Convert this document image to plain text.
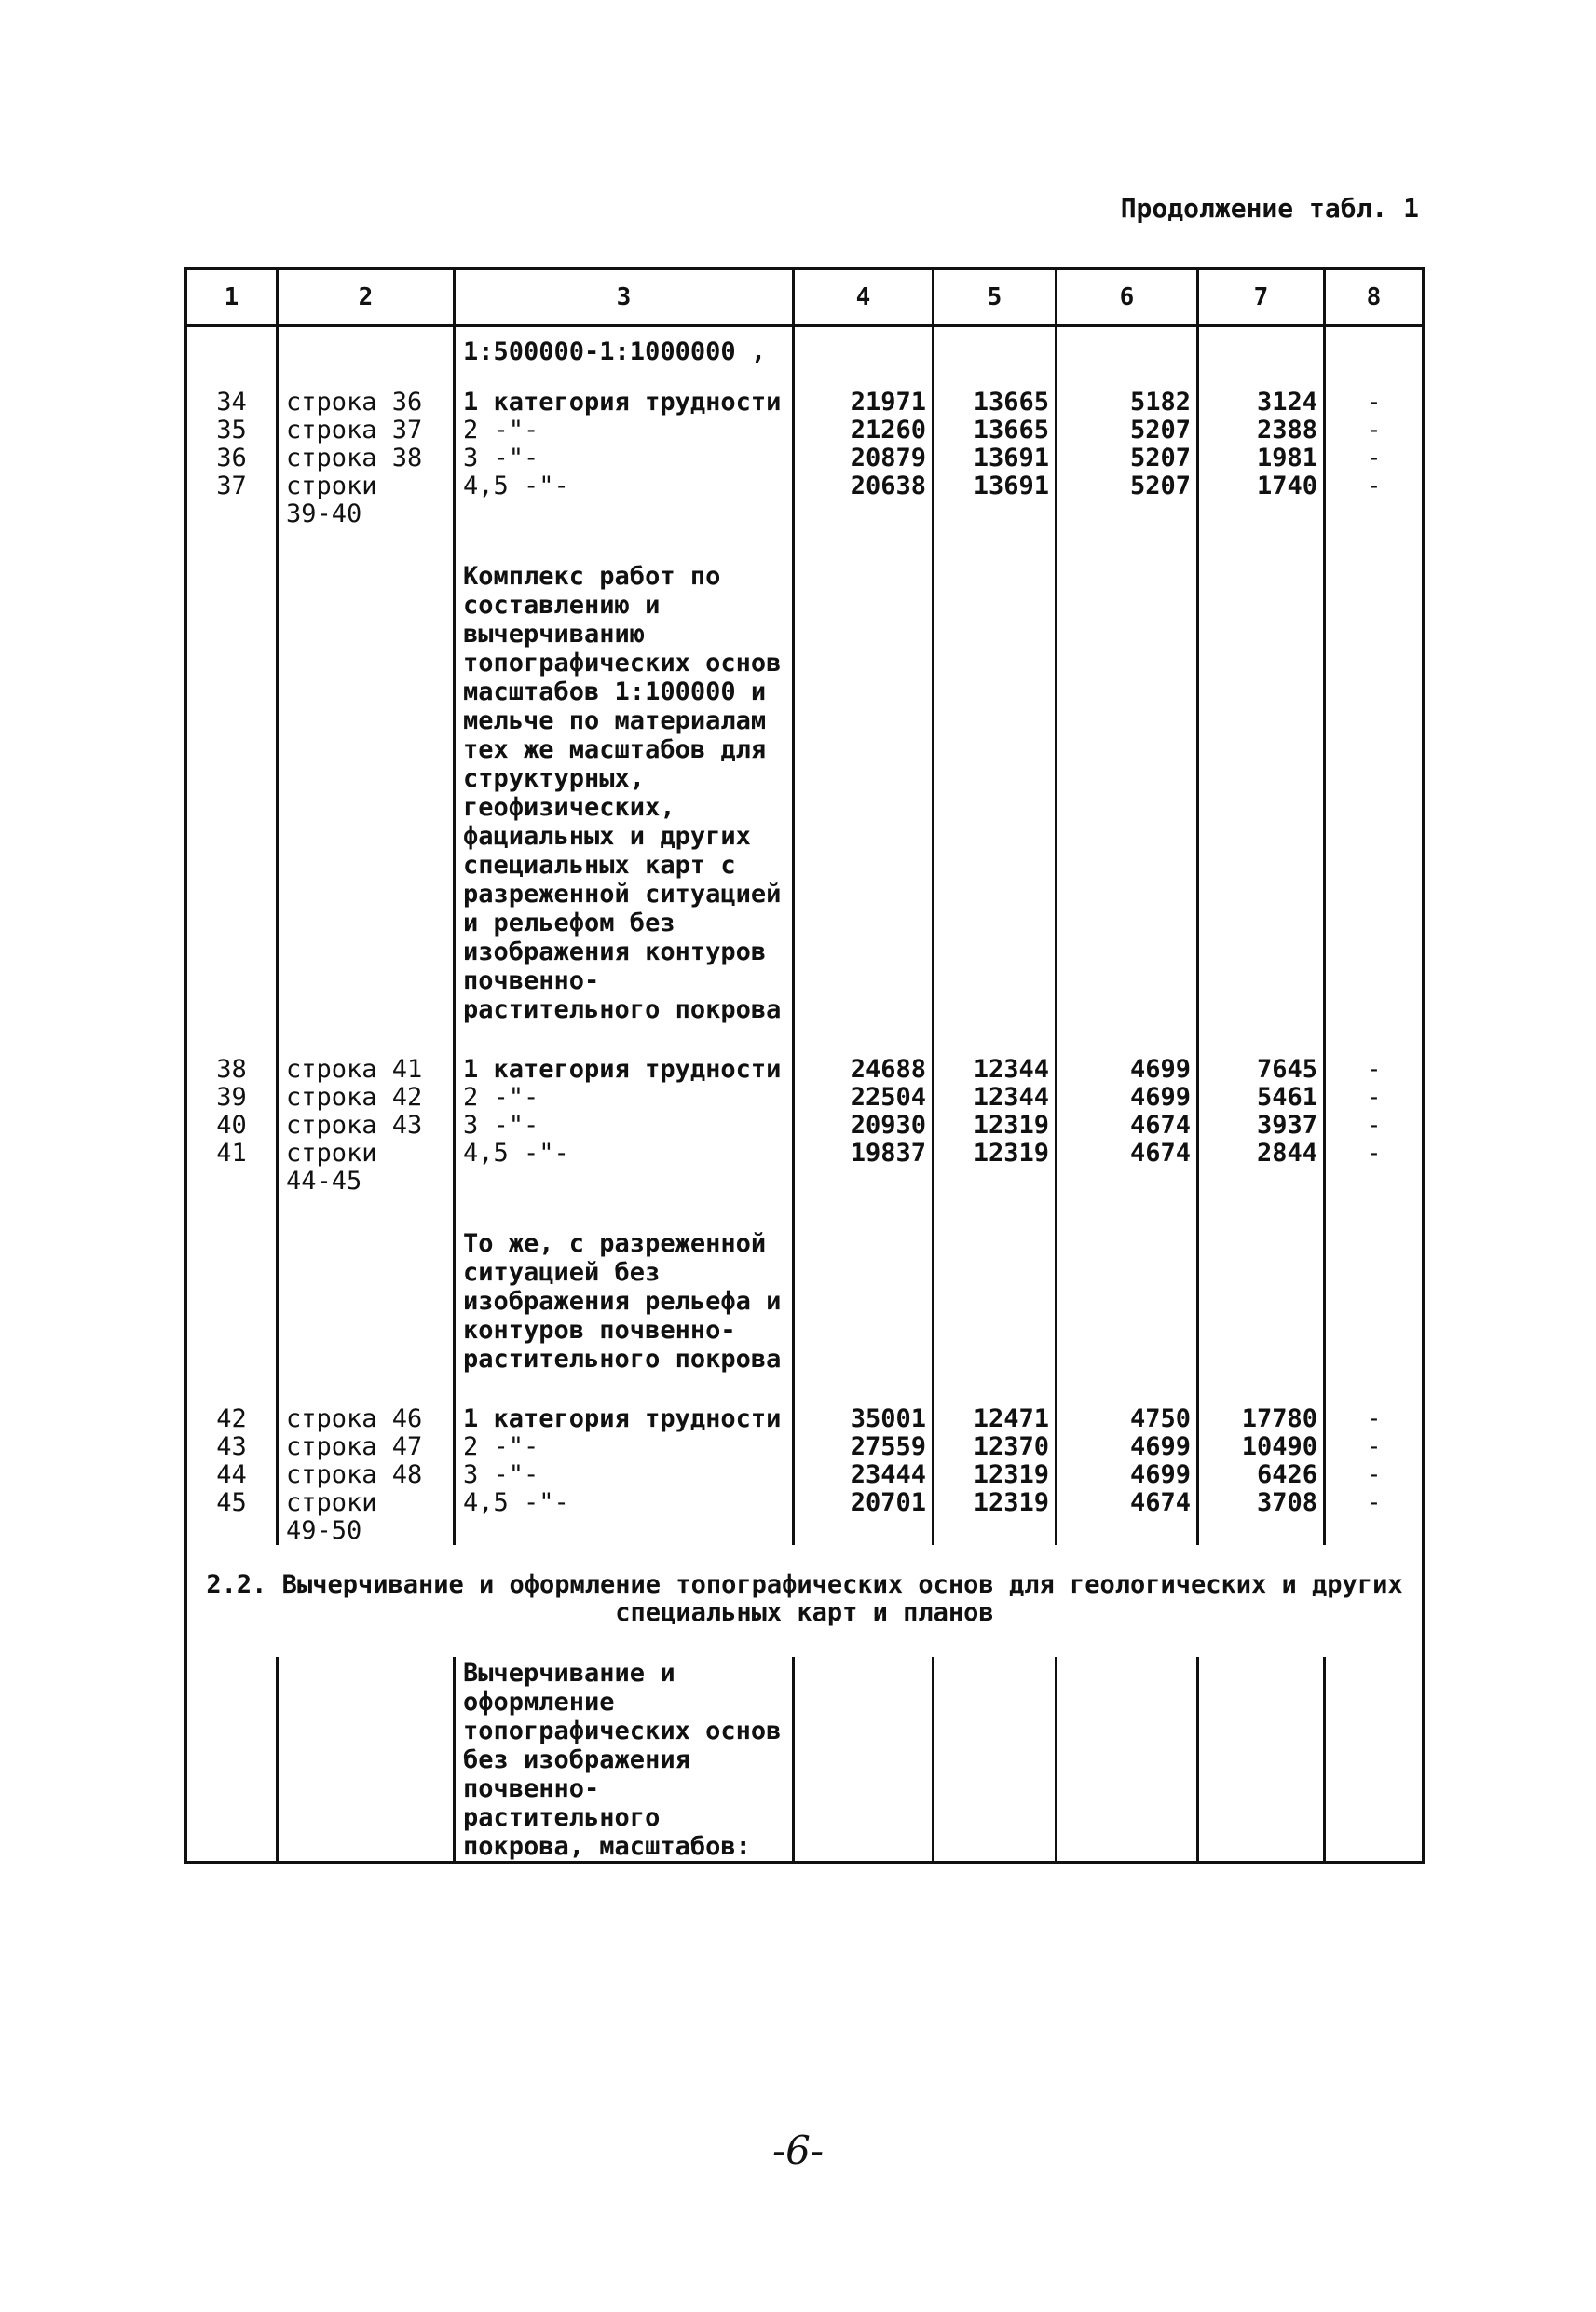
Продолжение табл. 1
1	2	3	4	5	6	7	8
		1:500000-1:1000000 ,					

34	строка 36	1 категория трудности	21971	13665	5182	3124	-
35	строка 37	2 -"-	21260	13665	5207	2388	-
36	строка 38	3 -"-	20879	13691	5207	1981	-
37	строки	4,5 -"-	20638	13691	5207	1740	-
	39-40						

		Комплекс работ по составлению и вычерчиванию топографических основ масштабов 1:100000 и мельче по материалам тех же масштабов для структурных, геофизических, фациальных и других специальных карт с разреженной ситуацией и рельефом без изображения контуров почвенно-растительного покрова					

38	строка 41	1 категория трудности	24688	12344	4699	7645	-
39	строка 42	2 -"-	22504	12344	4699	5461	-
40	строка 43	3 -"-	20930	12319	4674	3937	-
41	строки	4,5 -"-	19837	12319	4674	2844	-
	44-45						

		То же, с разреженной ситуацией без изображения рельефа и контуров почвенно-растительного покрова					

42	строка 46	1 категория трудности	35001	12471	4750	17780	-
43	строка 47	2 -"-	27559	12370	4699	10490	-
44	строка 48	3 -"-	23444	12319	4699	6426	-
45	строки	4,5 -"-	20701	12319	4674	3708	-
	49-50						
2.2. Вычерчивание и оформление топографических основ для геологических и других специальных карт и планов							
		Вычерчивание и оформление топографических основ без изображения почвенно-растительного покрова, масштабов:					
-6-
